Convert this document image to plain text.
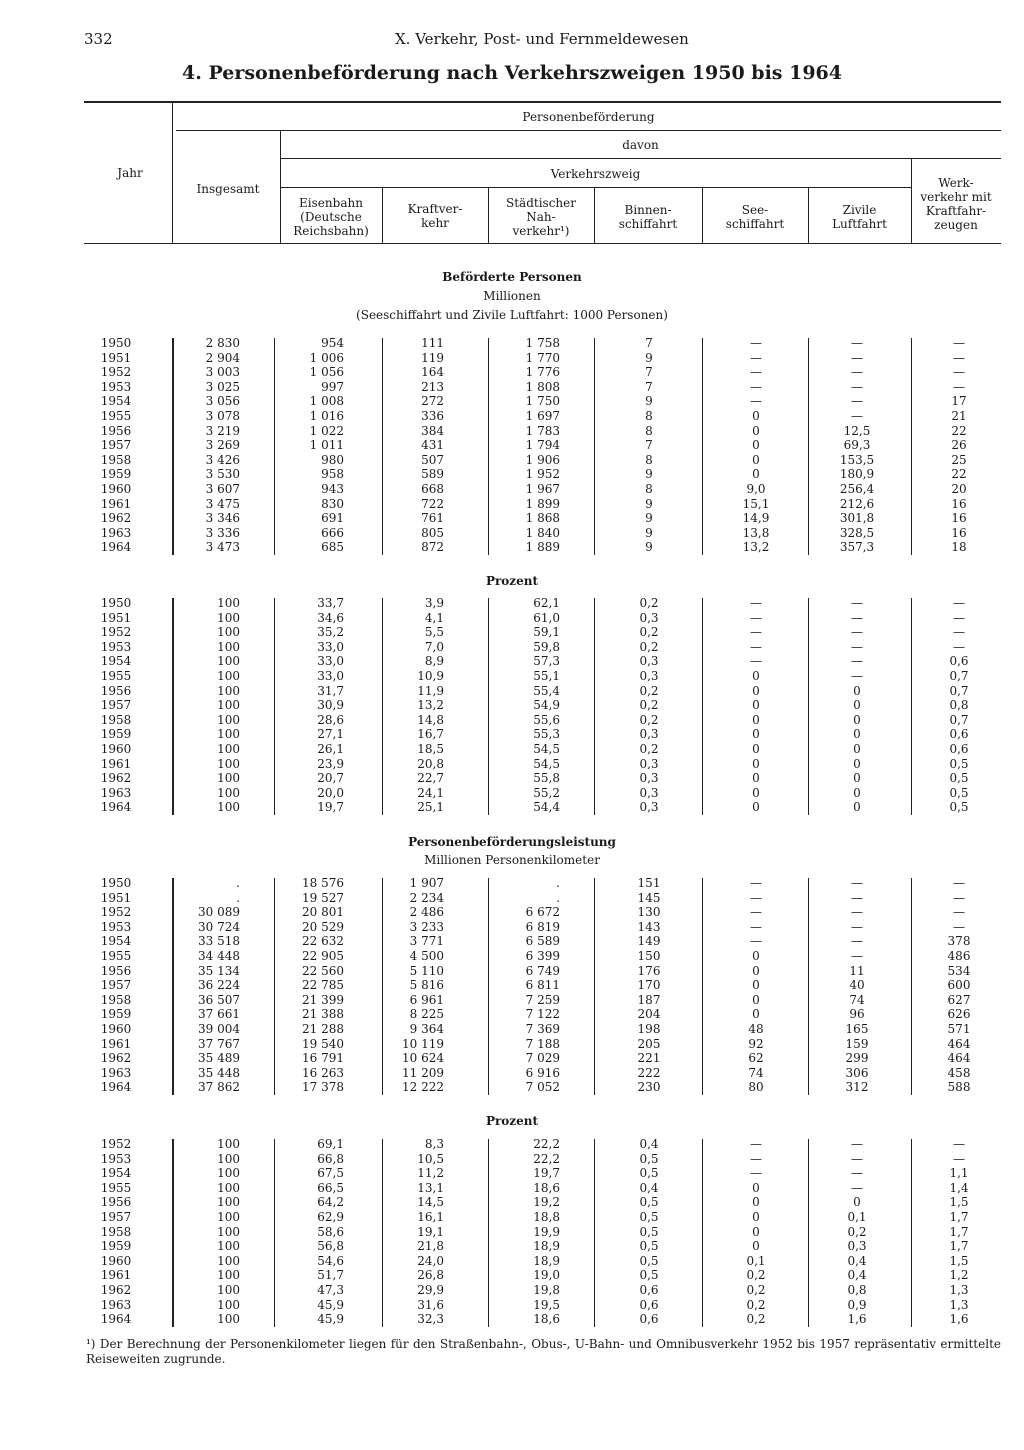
332	X. Verkehr, Post- und Fernmeldewesen
4. Personenbeförderung nach Verkehrszweigen 1950 bis 1964
Jahr
Personenbeförderung
davon
Verkehrszweig
Insgesamt
Eisenbahn
(Deutsche
Reichsbahn)
Kraftver-
kehr
Städtischer
Nah-
verkehr¹)
Binnen-
schiffahrt
See-
schiffahrt
Zivile
Luftfahrt
Werk-
verkehr mit
Kraftfahr-
zeugen
Beförderte Personen
Millionen
(Seeschiffahrt und Zivile Luftfahrt: 1000 Personen)
Prozent
Personenbeförderungsleistung
Millionen Personenkilometer
Prozent
1950	2 830	954	111	1 758	7	—	—	—
1951	2 904	1 006	119	1 770	9	—	—	—
1952	3 003	1 056	164	1 776	7	—	—	—
1953	3 025	997	213	1 808	7	—	—	—
1954	3 056	1 008	272	1 750	9	—	—	17
1955	3 078	1 016	336	1 697	8	0	—	21
1956	3 219	1 022	384	1 783	8	0	12,5	22
1957	3 269	1 011	431	1 794	7	0	69,3	26
1958	3 426	980	507	1 906	8	0	153,5	25
1959	3 530	958	589	1 952	9	0	180,9	22
1960	3 607	943	668	1 967	8	9,0	256,4	20
1961	3 475	830	722	1 899	9	15,1	212,6	16
1962	3 346	691	761	1 868	9	14,9	301,8	16
1963	3 336	666	805	1 840	9	13,8	328,5	16
1964	3 473	685	872	1 889	9	13,2	357,3	18
1950	100	33,7	3,9	62,1	0,2	—	—	—
1951	100	34,6	4,1	61,0	0,3	—	—	—
1952	100	35,2	5,5	59,1	0,2	—	—	—
1953	100	33,0	7,0	59,8	0,2	—	—	—
1954	100	33,0	8,9	57,3	0,3	—	—	0,6
1955	100	33,0	10,9	55,1	0,3	0	—	0,7
1956	100	31,7	11,9	55,4	0,2	0	0	0,7
1957	100	30,9	13,2	54,9	0,2	0	0	0,8
1958	100	28,6	14,8	55,6	0,2	0	0	0,7
1959	100	27,1	16,7	55,3	0,3	0	0	0,6
1960	100	26,1	18,5	54,5	0,2	0	0	0,6
1961	100	23,9	20,8	54,5	0,3	0	0	0,5
1962	100	20,7	22,7	55,8	0,3	0	0	0,5
1963	100	20,0	24,1	55,2	0,3	0	0	0,5
1964	100	19,7	25,1	54,4	0,3	0	0	0,5
1950	.	18 576	1 907	.	151	—	—	—
1951	.	19 527	2 234	.	145	—	—	—
1952	30 089	20 801	2 486	6 672	130	—	—	—
1953	30 724	20 529	3 233	6 819	143	—	—	—
1954	33 518	22 632	3 771	6 589	149	—	—	378
1955	34 448	22 905	4 500	6 399	150	0	—	486
1956	35 134	22 560	5 110	6 749	176	0	11	534
1957	36 224	22 785	5 816	6 811	170	0	40	600
1958	36 507	21 399	6 961	7 259	187	0	74	627
1959	37 661	21 388	8 225	7 122	204	0	96	626
1960	39 004	21 288	9 364	7 369	198	48	165	571
1961	37 767	19 540	10 119	7 188	205	92	159	464
1962	35 489	16 791	10 624	7 029	221	62	299	464
1963	35 448	16 263	11 209	6 916	222	74	306	458
1964	37 862	17 378	12 222	7 052	230	80	312	588
1952	100	69,1	8,3	22,2	0,4	—	—	—
1953	100	66,8	10,5	22,2	0,5	—	—	—
1954	100	67,5	11,2	19,7	0,5	—	—	1,1
1955	100	66,5	13,1	18,6	0,4	0	—	1,4
1956	100	64,2	14,5	19,2	0,5	0	0	1,5
1957	100	62,9	16,1	18,8	0,5	0	0,1	1,7
1958	100	58,6	19,1	19,9	0,5	0	0,2	1,7
1959	100	56,8	21,8	18,9	0,5	0	0,3	1,7
1960	100	54,6	24,0	18,9	0,5	0,1	0,4	1,5
1961	100	51,7	26,8	19,0	0,5	0,2	0,4	1,2
1962	100	47,3	29,9	19,8	0,6	0,2	0,8	1,3
1963	100	45,9	31,6	19,5	0,6	0,2	0,9	1,3
1964	100	45,9	32,3	18,6	0,6	0,2	1,6	1,6
¹) Der Berechnung der Personenkilometer liegen für den Straßenbahn-, Obus-, U-Bahn- und Omnibusverkehr 1952 bis 1957 repräsentativ ermittelte Reiseweiten zugrunde.
